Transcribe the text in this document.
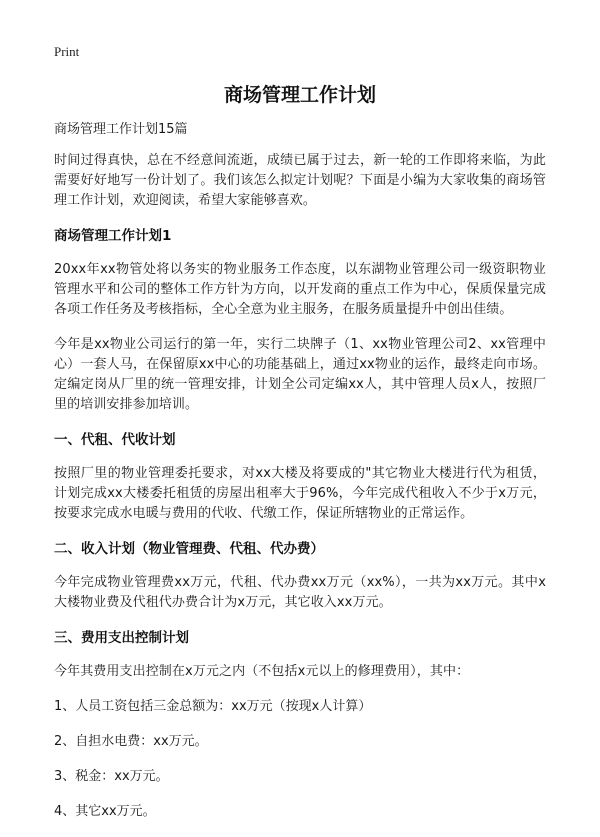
Print
商场管理工作计划
商场管理工作计划15篇

时间过得真快，总在不经意间流逝，成绩已属于过去，新一轮的工作即将来临，为此需要好好地写一份计划了。我们该怎么拟定计划呢？下面是小编为大家收集的商场管理工作计划，欢迎阅读，希望大家能够喜欢。

商场管理工作计划1

20xx年xx物管处将以务实的物业服务工作态度，以东湖物业管理公司一级资职物业管理水平和公司的整体工作方针为方向，以开发商的重点工作为中心，保质保量完成各项工作任务及考核指标，全心全意为业主服务，在服务质量提升中创出佳绩。

今年是xx物业公司运行的第一年，实行二块牌子（1、xx物业管理公司2、xx管理中心）一套人马，在保留原xx中心的功能基础上，通过xx物业的运作，最终走向市场。定编定岗从厂里的统一管理安排，计划全公司定编xx人，其中管理人员x人，按照厂里的培训安排参加培训。

一、代租、代收计划

按照厂里的物业管理委托要求，对xx大楼及将要成的"其它物业大楼进行代为租赁，计划完成xx大楼委托租赁的房屋出租率大于96%，今年完成代租收入不少于x万元，按要求完成水电暖与费用的代收、代缴工作，保证所辖物业的正常运作。

二、收入计划（物业管理费、代租、代办费）

今年完成物业管理费xx万元，代租、代办费xx万元（xx%），一共为xx万元。其中x大楼物业费及代租代办费合计为x万元，其它收入xx万元。

三、费用支出控制计划

今年其费用支出控制在x万元之内（不包括x元以上的修理费用），其中：

1、人员工资包括三金总额为：xx万元（按现x人计算）

2、自担水电费：xx万元。

3、税金：xx万元。

4、其它xx万元。
